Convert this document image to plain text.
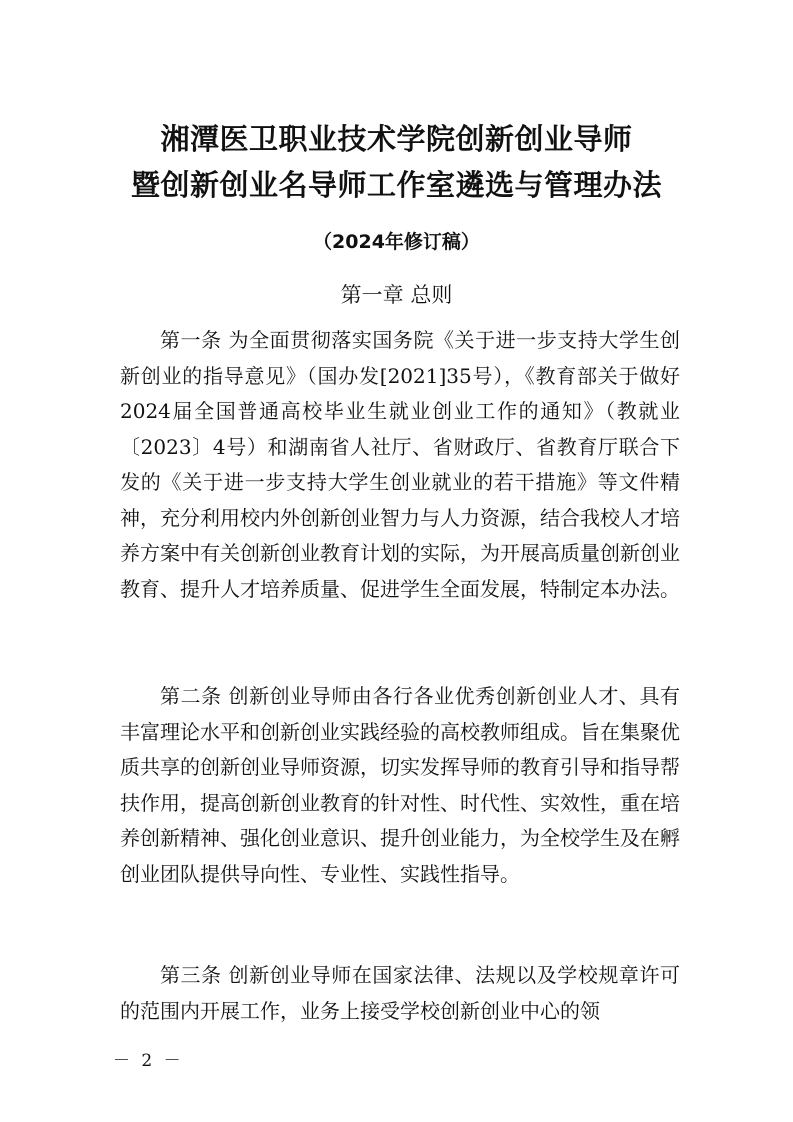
湘潭医卫职业技术学院创新创业导师
暨创新创业名导师工作室遴选与管理办法
（2024年修订稿）
第一章 总则

第一条 为全面贯彻落实国务院《关于进一步支持大学生创新创业的指导意见》（国办发[2021]35号），《教育部关于做好2024届全国普通高校毕业生就业创业工作的通知》（教就业〔2023〕4号）和湖南省人社厅、省财政厅、省教育厅联合下发的《关于进一步支持大学生创业就业的若干措施》等文件精神，充分利用校内外创新创业智力与人力资源，结合我校人才培养方案中有关创新创业教育计划的实际，为开展高质量创新创业教育、提升人才培养质量、促进学生全面发展，特制定本办法。

第二条 创新创业导师由各行各业优秀创新创业人才、具有丰富理论水平和创新创业实践经验的高校教师组成。旨在集聚优质共享的创新创业导师资源，切实发挥导师的教育引导和指导帮扶作用，提高创新创业教育的针对性、时代性、实效性，重在培养创新精神、强化创业意识、提升创业能力，为全校学生及在孵创业团队提供导向性、专业性、实践性指导。

第三条 创新创业导师在国家法律、法规以及学校规章许可的范围内开展工作，业务上接受学校创新创业中心的领

－ 2 －
